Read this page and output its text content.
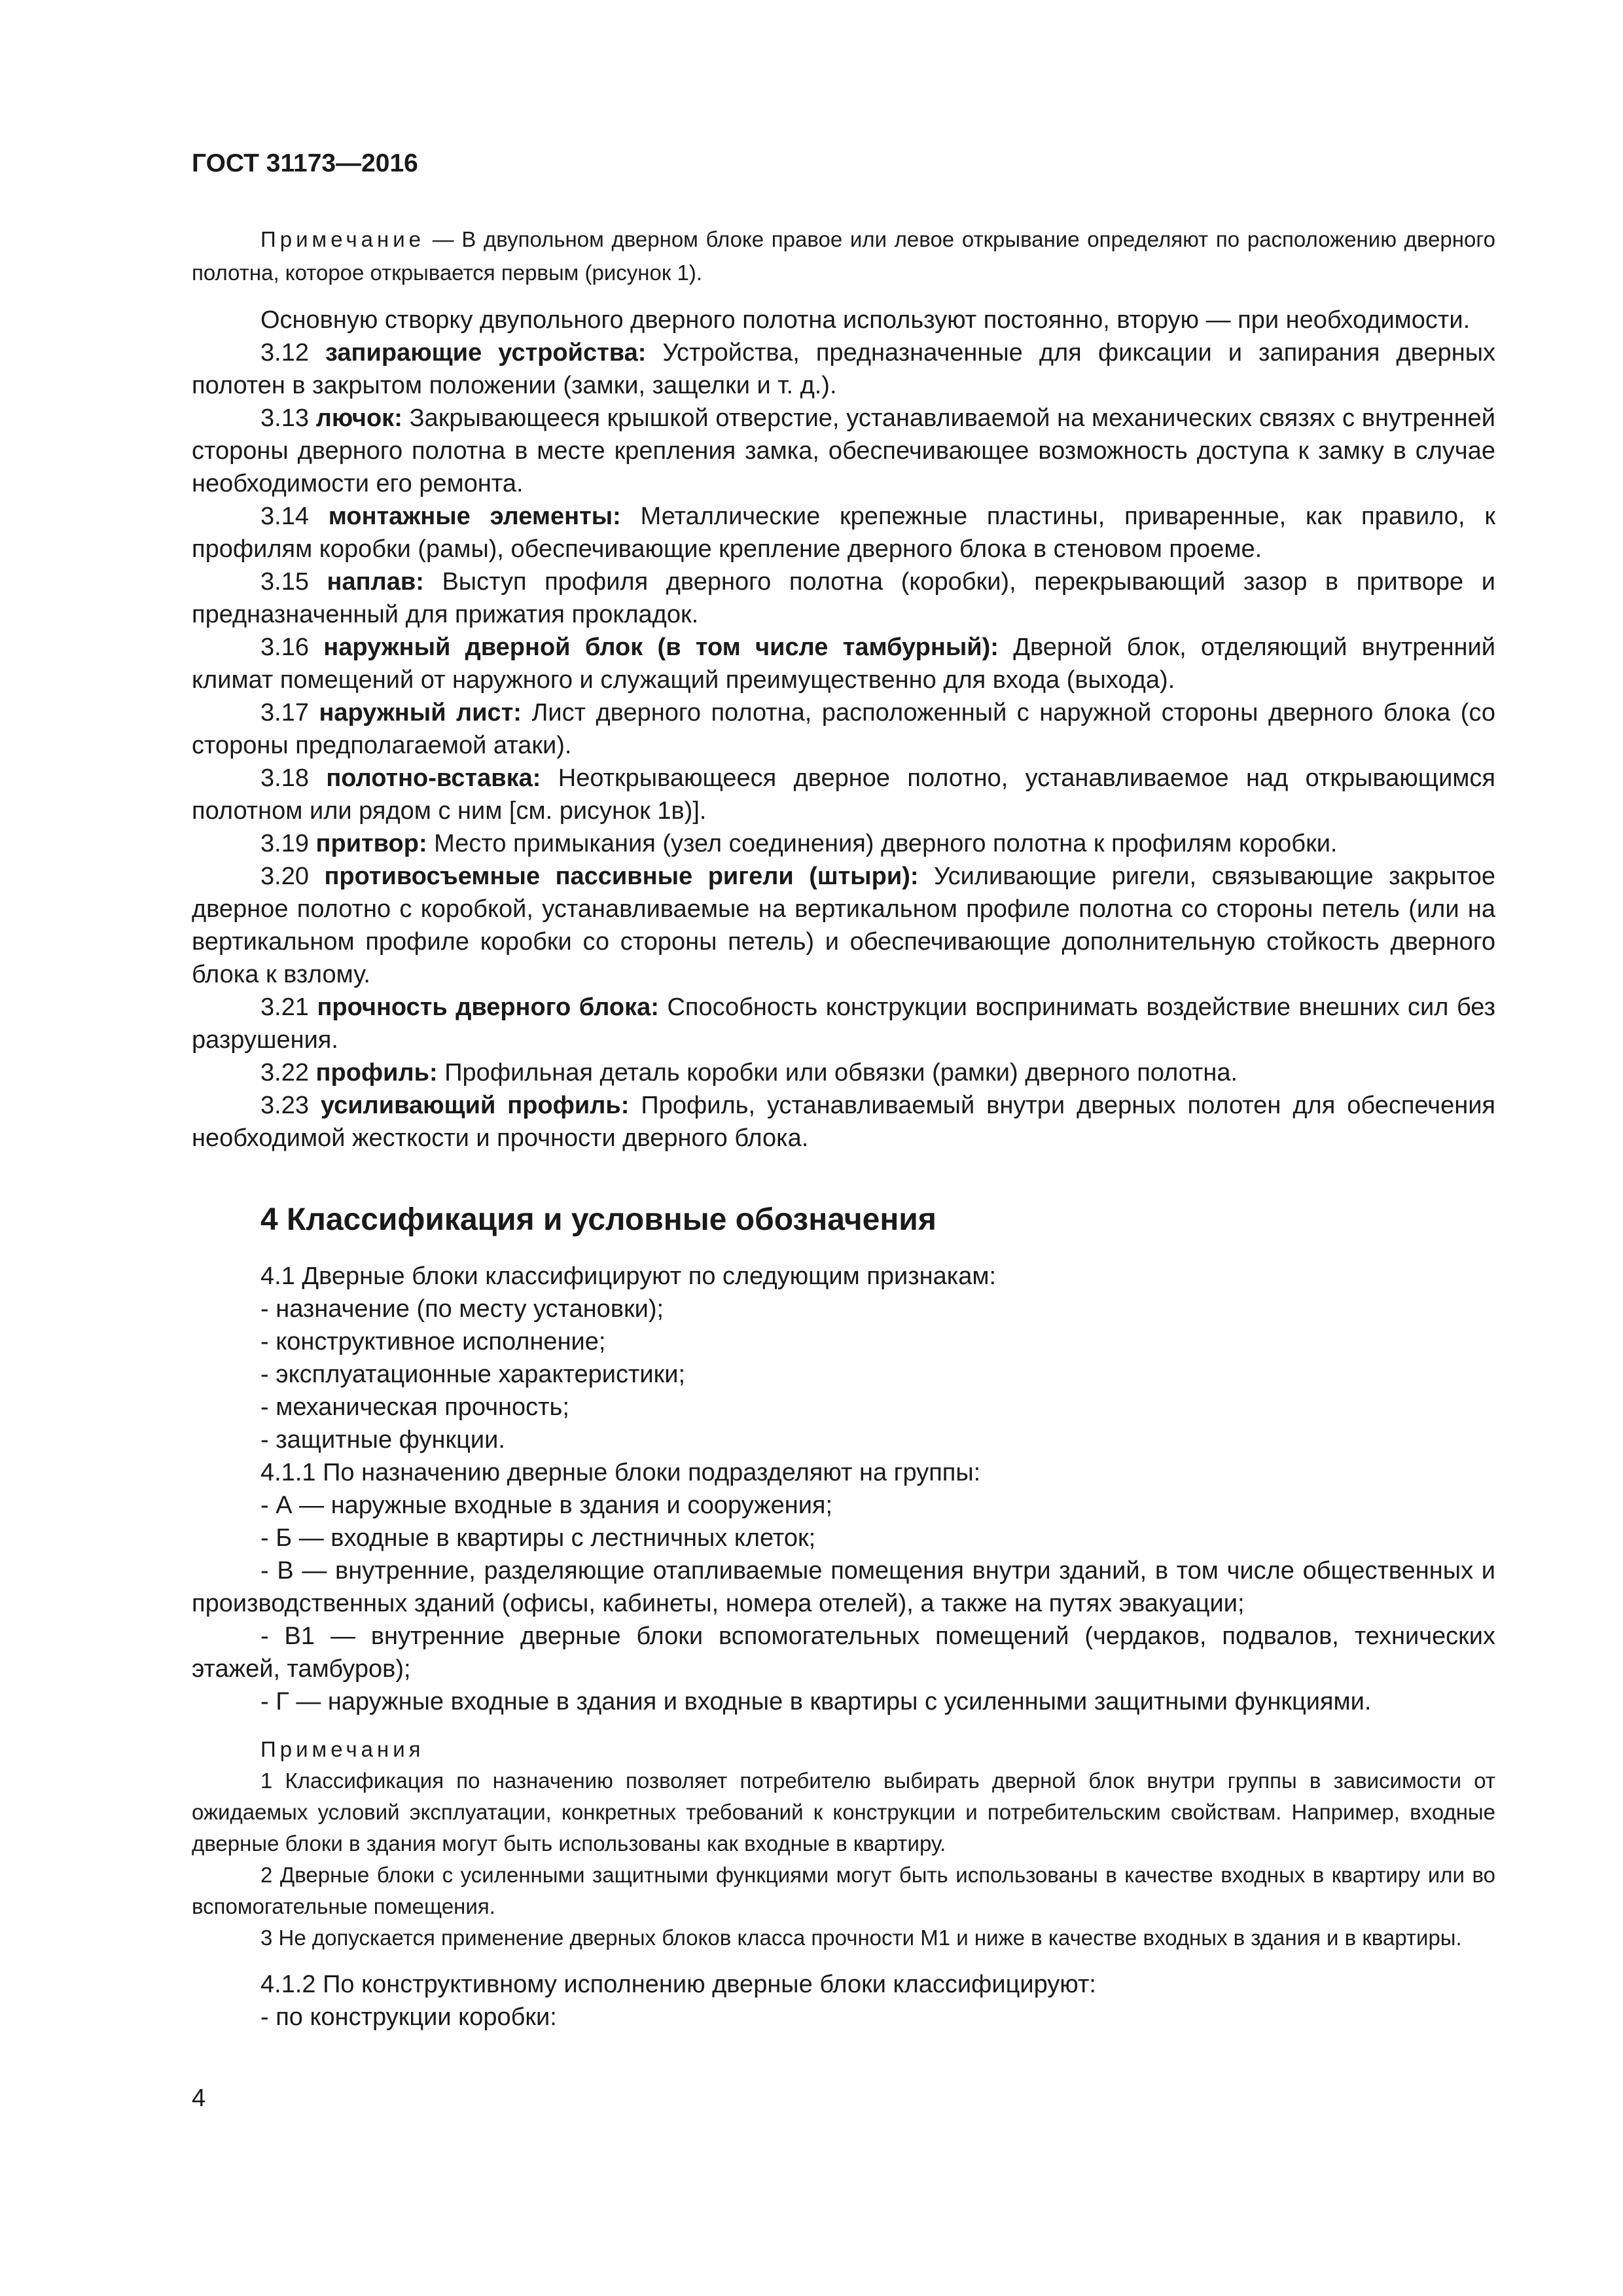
ГОСТ 31173—2016

Примечание — В двупольном дверном блоке правое или левое открывание определяют по расположению дверного полотна, которое открывается первым (рисунок 1).

Основную створку двупольного дверного полотна используют постоянно, вторую — при необходимости.

3.12 запирающие устройства: Устройства, предназначенные для фиксации и запирания дверных полотен в закрытом положении (замки, защелки и т. д.).

3.13 лючок: Закрывающееся крышкой отверстие, устанавливаемой на механических связях с внутренней стороны дверного полотна в месте крепления замка, обеспечивающее возможность доступа к замку в случае необходимости его ремонта.

3.14 монтажные элементы: Металлические крепежные пластины, приваренные, как правило, к профилям коробки (рамы), обеспечивающие крепление дверного блока в стеновом проеме.

3.15 наплав: Выступ профиля дверного полотна (коробки), перекрывающий зазор в притворе и предназначенный для прижатия прокладок.

3.16 наружный дверной блок (в том числе тамбурный): Дверной блок, отделяющий внутренний климат помещений от наружного и служащий преимущественно для входа (выхода).

3.17 наружный лист: Лист дверного полотна, расположенный с наружной стороны дверного блока (со стороны предполагаемой атаки).

3.18 полотно-вставка: Неоткрывающееся дверное полотно, устанавливаемое над открывающимся полотном или рядом с ним [см. рисунок 1в)].

3.19 притвор: Место примыкания (узел соединения) дверного полотна к профилям коробки.

3.20 противосъемные пассивные ригели (штыри): Усиливающие ригели, связывающие закрытое дверное полотно с коробкой, устанавливаемые на вертикальном профиле полотна со стороны петель (или на вертикальном профиле коробки со стороны петель) и обеспечивающие дополнительную стойкость дверного блока к взлому.

3.21 прочность дверного блока: Способность конструкции воспринимать воздействие внешних сил без разрушения.

3.22 профиль: Профильная деталь коробки или обвязки (рамки) дверного полотна.

3.23 усиливающий профиль: Профиль, устанавливаемый внутри дверных полотен для обеспечения необходимой жесткости и прочности дверного блока.

4 Классификация и условные обозначения

4.1 Дверные блоки классифицируют по следующим признакам:

- назначение (по месту установки);

- конструктивное исполнение;

- эксплуатационные характеристики;

- механическая прочность;

- защитные функции.

4.1.1 По назначению дверные блоки подразделяют на группы:

- А — наружные входные в здания и сооружения;

- Б — входные в квартиры с лестничных клеток;

- В — внутренние, разделяющие отапливаемые помещения внутри зданий, в том числе общественных и производственных зданий (офисы, кабинеты, номера отелей), а также на путях эвакуации;

- В1 — внутренние дверные блоки вспомогательных помещений (чердаков, подвалов, технических этажей, тамбуров);

- Г — наружные входные в здания и входные в квартиры с усиленными защитными функциями.

Примечания

1 Классификация по назначению позволяет потребителю выбирать дверной блок внутри группы в зависимости от ожидаемых условий эксплуатации, конкретных требований к конструкции и потребительским свойствам. Например, входные дверные блоки в здания могут быть использованы как входные в квартиру.

2 Дверные блоки с усиленными защитными функциями могут быть использованы в качестве входных в квартиру или во вспомогательные помещения.

3 Не допускается применение дверных блоков класса прочности М1 и ниже в качестве входных в здания и в квартиры.

4.1.2 По конструктивному исполнению дверные блоки классифицируют:

- по конструкции коробки:

4
